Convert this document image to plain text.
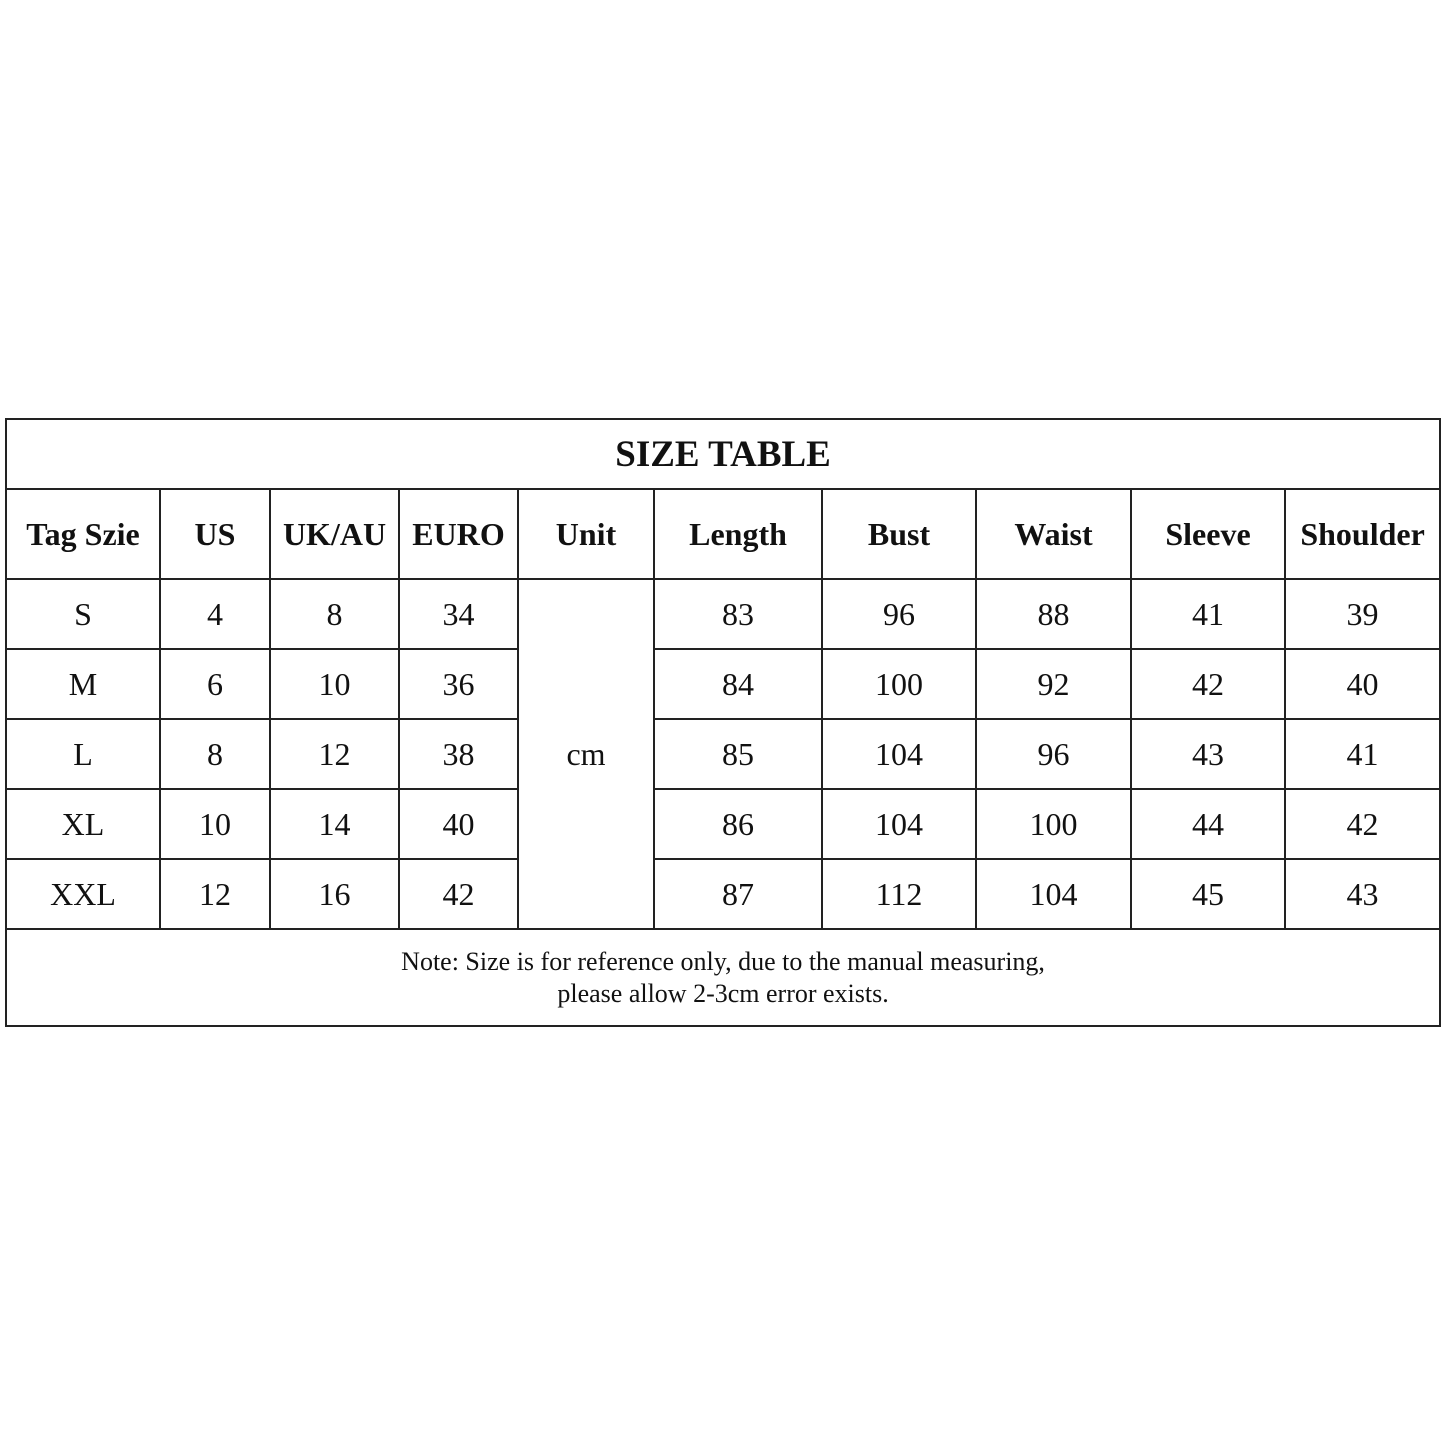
SIZE TABLE									
Tag Szie	US	UK/AU	EURO	Unit	Length	Bust	Waist	Sleeve	Shoulder
S	4	8	34	cm	83	96	88	41	39
M	6	10	36		84	100	92	42	40
L	8	12	38		85	104	96	43	41
XL	10	14	40		86	104	100	44	42
XXL	12	16	42		87	112	104	45	43

Note: Size is for reference only, due to the manual measuring,
please allow 2-3cm error exists.									
